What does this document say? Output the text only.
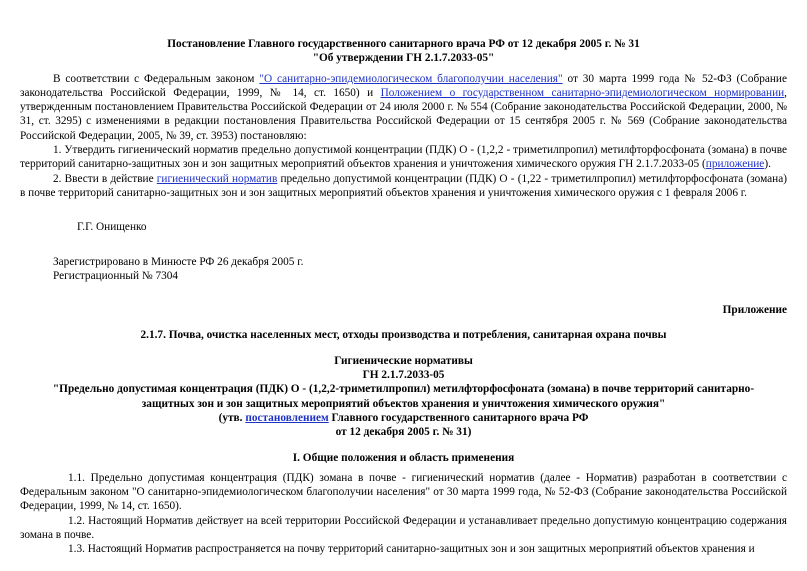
Постановление Главного государственного санитарного врача РФ от 12 декабря 2005 г. № 31

"Об утверждении ГН 2.1.7.2033-05"

В соответствии с Федеральным законом "О санитарно-эпидемиологическом благополучии населения" от 30 марта 1999 года № 52-ФЗ (Собрание законодательства Российской Федерации, 1999, № 14, ст. 1650) и Положением о государственном санитарно-эпидемиологическом нормировании, утвержденным постановлением Правительства Российской Федерации от 24 июля 2000 г. № 554 (Собрание законодательства Российской Федерации, 2000, № 31, ст. 3295) с изменениями в редакции постановления Правительства Российской Федерации от 15 сентября 2005 г. № 569 (Собрание законодательства Российской Федерации, 2005, № 39, ст. 3953) постановляю:

1. Утвердить гигиенический норматив предельно допустимой концентрации (ПДК) О - (1,2,2 - триметилпропил) метилфторфосфоната (зомана) в почве территорий санитарно-защитных зон и зон защитных мероприятий объектов хранения и уничтожения химического оружия ГН 2.1.7.2033-05 (приложение).

2. Ввести в действие гигиенический норматив предельно допустимой концентрации (ПДК) О - (1,22 - триметилпропил) метилфторфосфоната (зомана) в почве территорий санитарно-защитных зон и зон защитных мероприятий объектов хранения и уничтожения химического оружия с 1 февраля 2006 г.

Г.Г. Онищенко

Зарегистрировано в Минюсте РФ 26 декабря 2005 г.

Регистрационный № 7304

Приложение

2.1.7. Почва, очистка населенных мест, отходы производства и потребления, санитарная охрана почвы

Гигиенические нормативы

ГН 2.1.7.2033-05

"Предельно допустимая концентрация (ПДК) О - (1,2,2-триметилпропил) метилфторфосфоната (зомана) в почве территорий санитарно-защитных зон и зон защитных мероприятий объектов хранения и уничтожения химического оружия"

(утв. постановлением Главного государственного санитарного врача РФ

от 12 декабря 2005 г. № 31)

I. Общие положения и область применения

1.1. Предельно допустимая концентрация (ПДК) зомана в почве - гигиенический норматив (далее - Норматив) разработан в соответствии с Федеральным законом "О санитарно-эпидемиологическом благополучии населения" от 30 марта 1999 года, № 52-ФЗ (Собрание законодательства Российской Федерации, 1999, № 14, ст. 1650).

1.2. Настоящий Норматив действует на всей территории Российской Федерации и устанавливает предельно допустимую концентрацию содержания зомана в почве.

1.3. Настоящий Норматив распространяется на почву территорий санитарно-защитных зон и зон защитных мероприятий объектов хранения и
